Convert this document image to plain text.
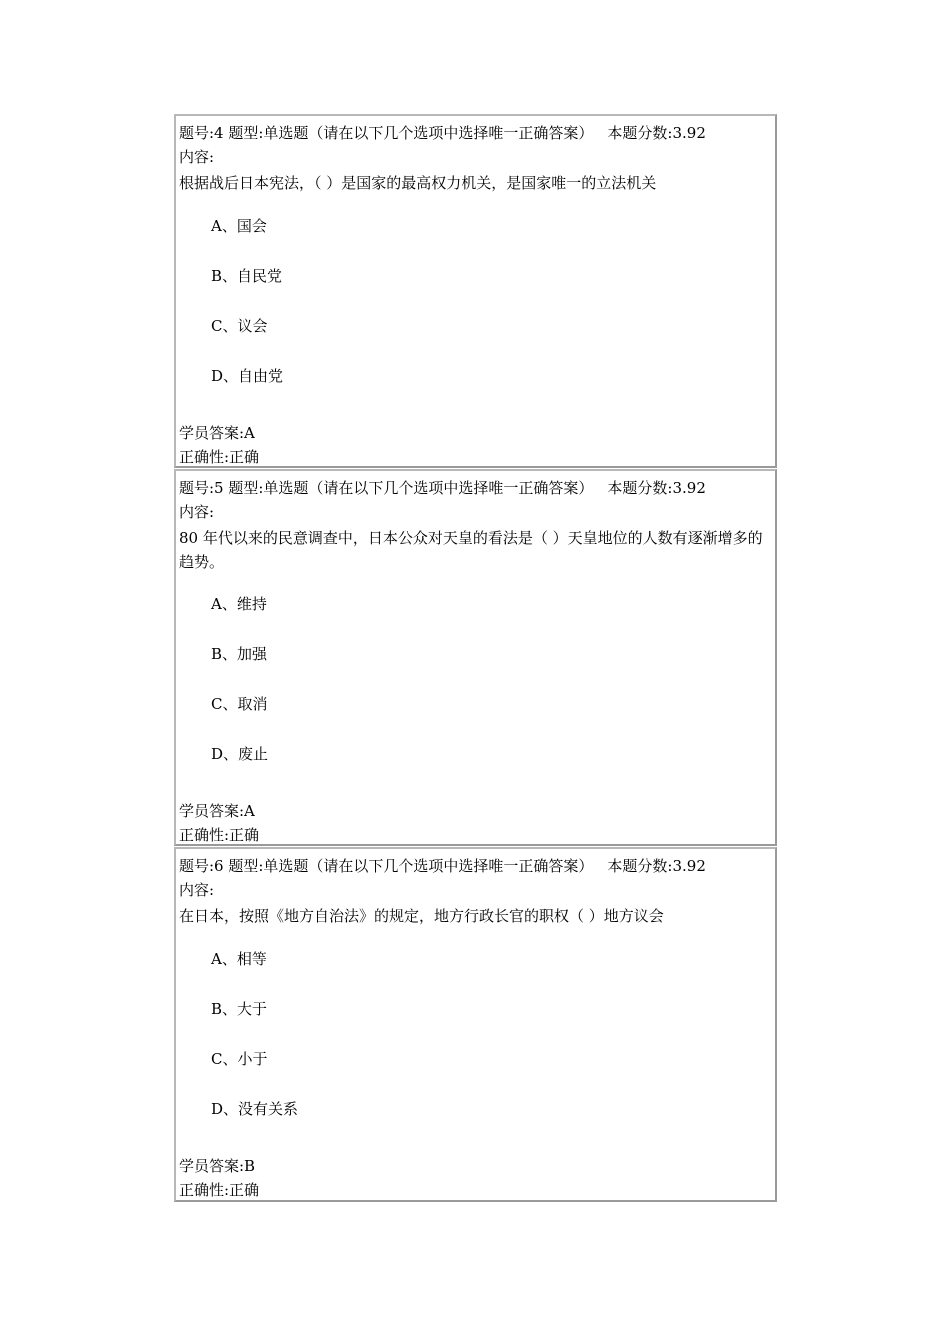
题号:4 题型:单选题（请在以下几个选项中选择唯一正确答案） 本题分数:3.92
内容:
根据战后日本宪法，（ ）是国家的最高权力机关，是国家唯一的立法机关
A、国会
B、自民党
C、议会
D、自由党
学员答案:A
正确性:正确
题号:5 题型:单选题（请在以下几个选项中选择唯一正确答案） 本题分数:3.92
内容:
80 年代以来的民意调查中，日本公众对天皇的看法是（ ）天皇地位的人数有逐渐增多的趋势。
A、维持
B、加强
C、取消
D、废止
学员答案:A
正确性:正确
题号:6 题型:单选题（请在以下几个选项中选择唯一正确答案） 本题分数:3.92
内容:
在日本，按照《地方自治法》的规定，地方行政长官的职权（ ）地方议会
A、相等
B、大于
C、小于
D、没有关系
学员答案:B
正确性:正确
